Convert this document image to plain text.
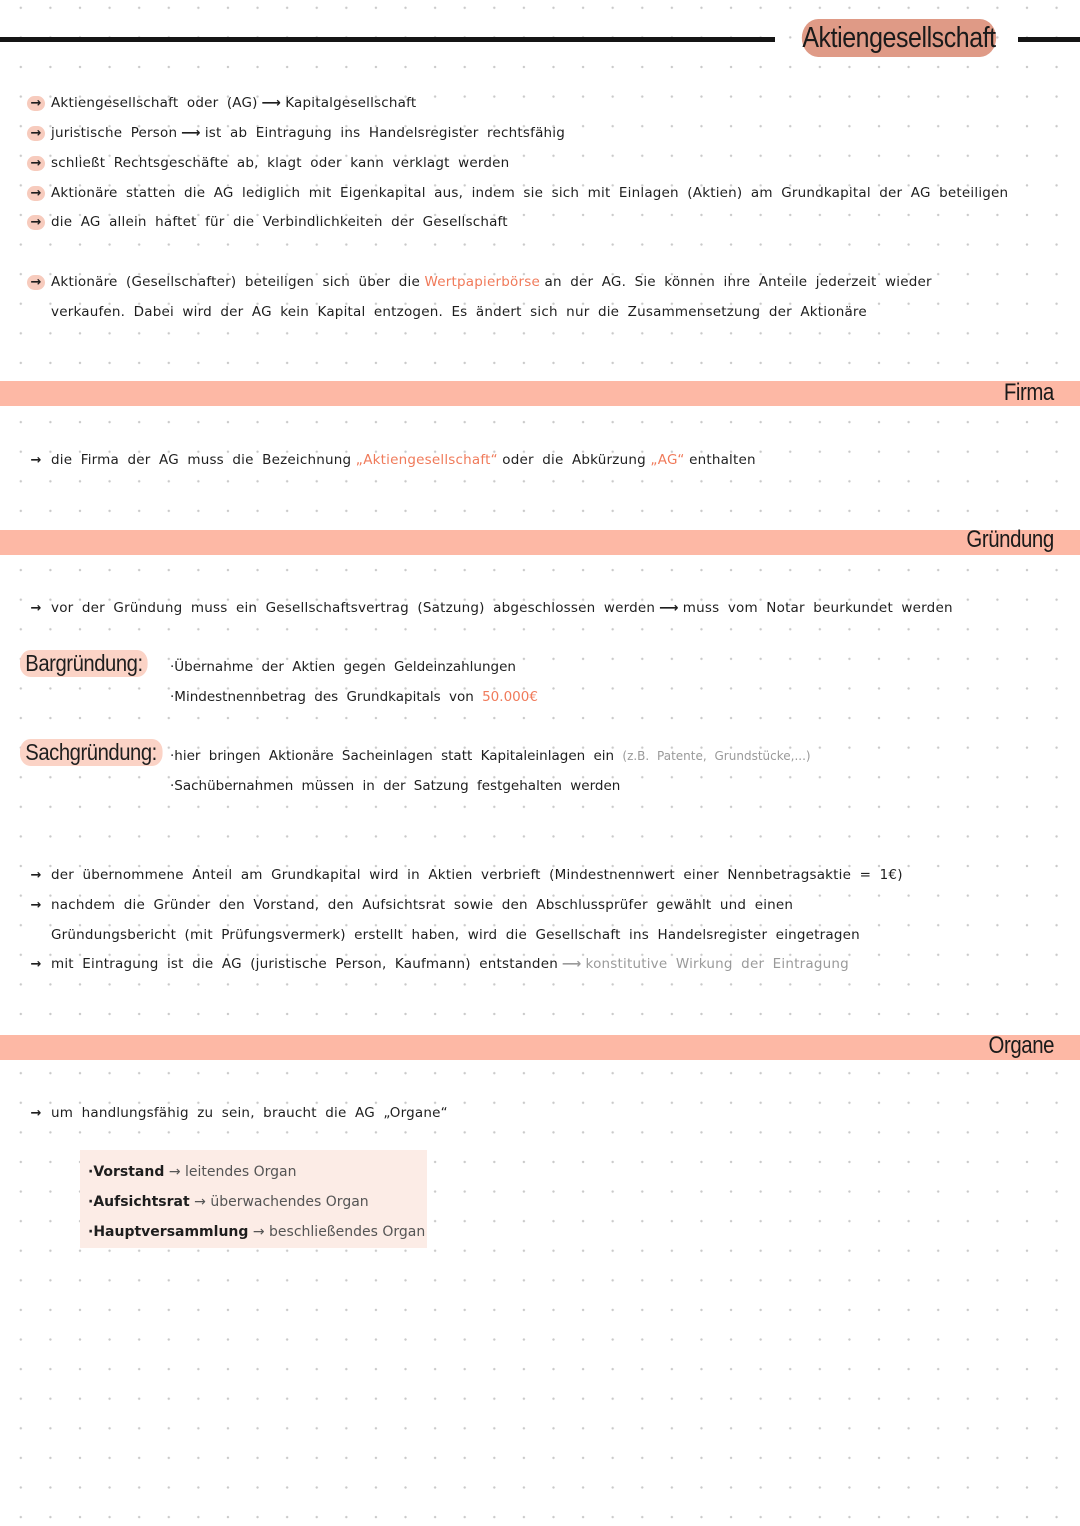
Aktiengesellschaft
→ Aktiengesellschaft oder (AG) ⟶ Kapitalgesellschaft
→ juristische Person ⟶ ist ab Eintragung ins Handelsregister rechtsfähig
→ schließt Rechtsgeschäfte ab, klagt oder kann verklagt werden
→ Aktionäre statten die AG lediglich mit Eigenkapital aus, indem sie sich mit Einlagen (Aktien) am Grundkapital der AG beteiligen
→ die AG allein haftet für die Verbindlichkeiten der Gesellschaft
→ Aktionäre (Gesellschafter) beteiligen sich über die Wertpapierbörse an der AG. Sie können ihre Anteile jederzeit wieder
verkaufen. Dabei wird der AG kein Kapital entzogen. Es ändert sich nur die Zusammensetzung der Aktionäre
Firma
→ die Firma der AG muss die Bezeichnung „Aktiengesellschaft“ oder die Abkürzung „AG“ enthalten
Gründung
→ vor der Gründung muss ein Gesellschaftsvertrag (Satzung) abgeschlossen werden ⟶ muss vom Notar beurkundet werden
Bargründung:	·Übernahme der Aktien gegen Geldeinzahlungen
·Mindestnennbetrag des Grundkapitals von 50.000€
Sachgründung: ·hier bringen Aktionäre Sacheinlagen statt Kapitaleinlagen ein (z.B. Patente, Grundstücke,...)
·Sachübernahmen müssen in der Satzung festgehalten werden
→ der übernommene Anteil am Grundkapital wird in Aktien verbrieft (Mindestnennwert einer Nennbetragsaktie = 1€)
→ nachdem die Gründer den Vorstand, den Aufsichtsrat sowie den Abschlussprüfer gewählt und einen
Gründungsbericht (mit Prüfungsvermerk) erstellt haben, wird die Gesellschaft ins Handelsregister eingetragen
→ mit Eintragung ist die AG (juristische Person, Kaufmann) entstanden ⟶ konstitutive Wirkung der Eintragung
Organe
→ um handlungsfähig zu sein, braucht die AG „Organe“
·Vorstand → leitendes Organ
·Aufsichtsrat → überwachendes Organ
·Hauptversammlung → beschließendes Organ
